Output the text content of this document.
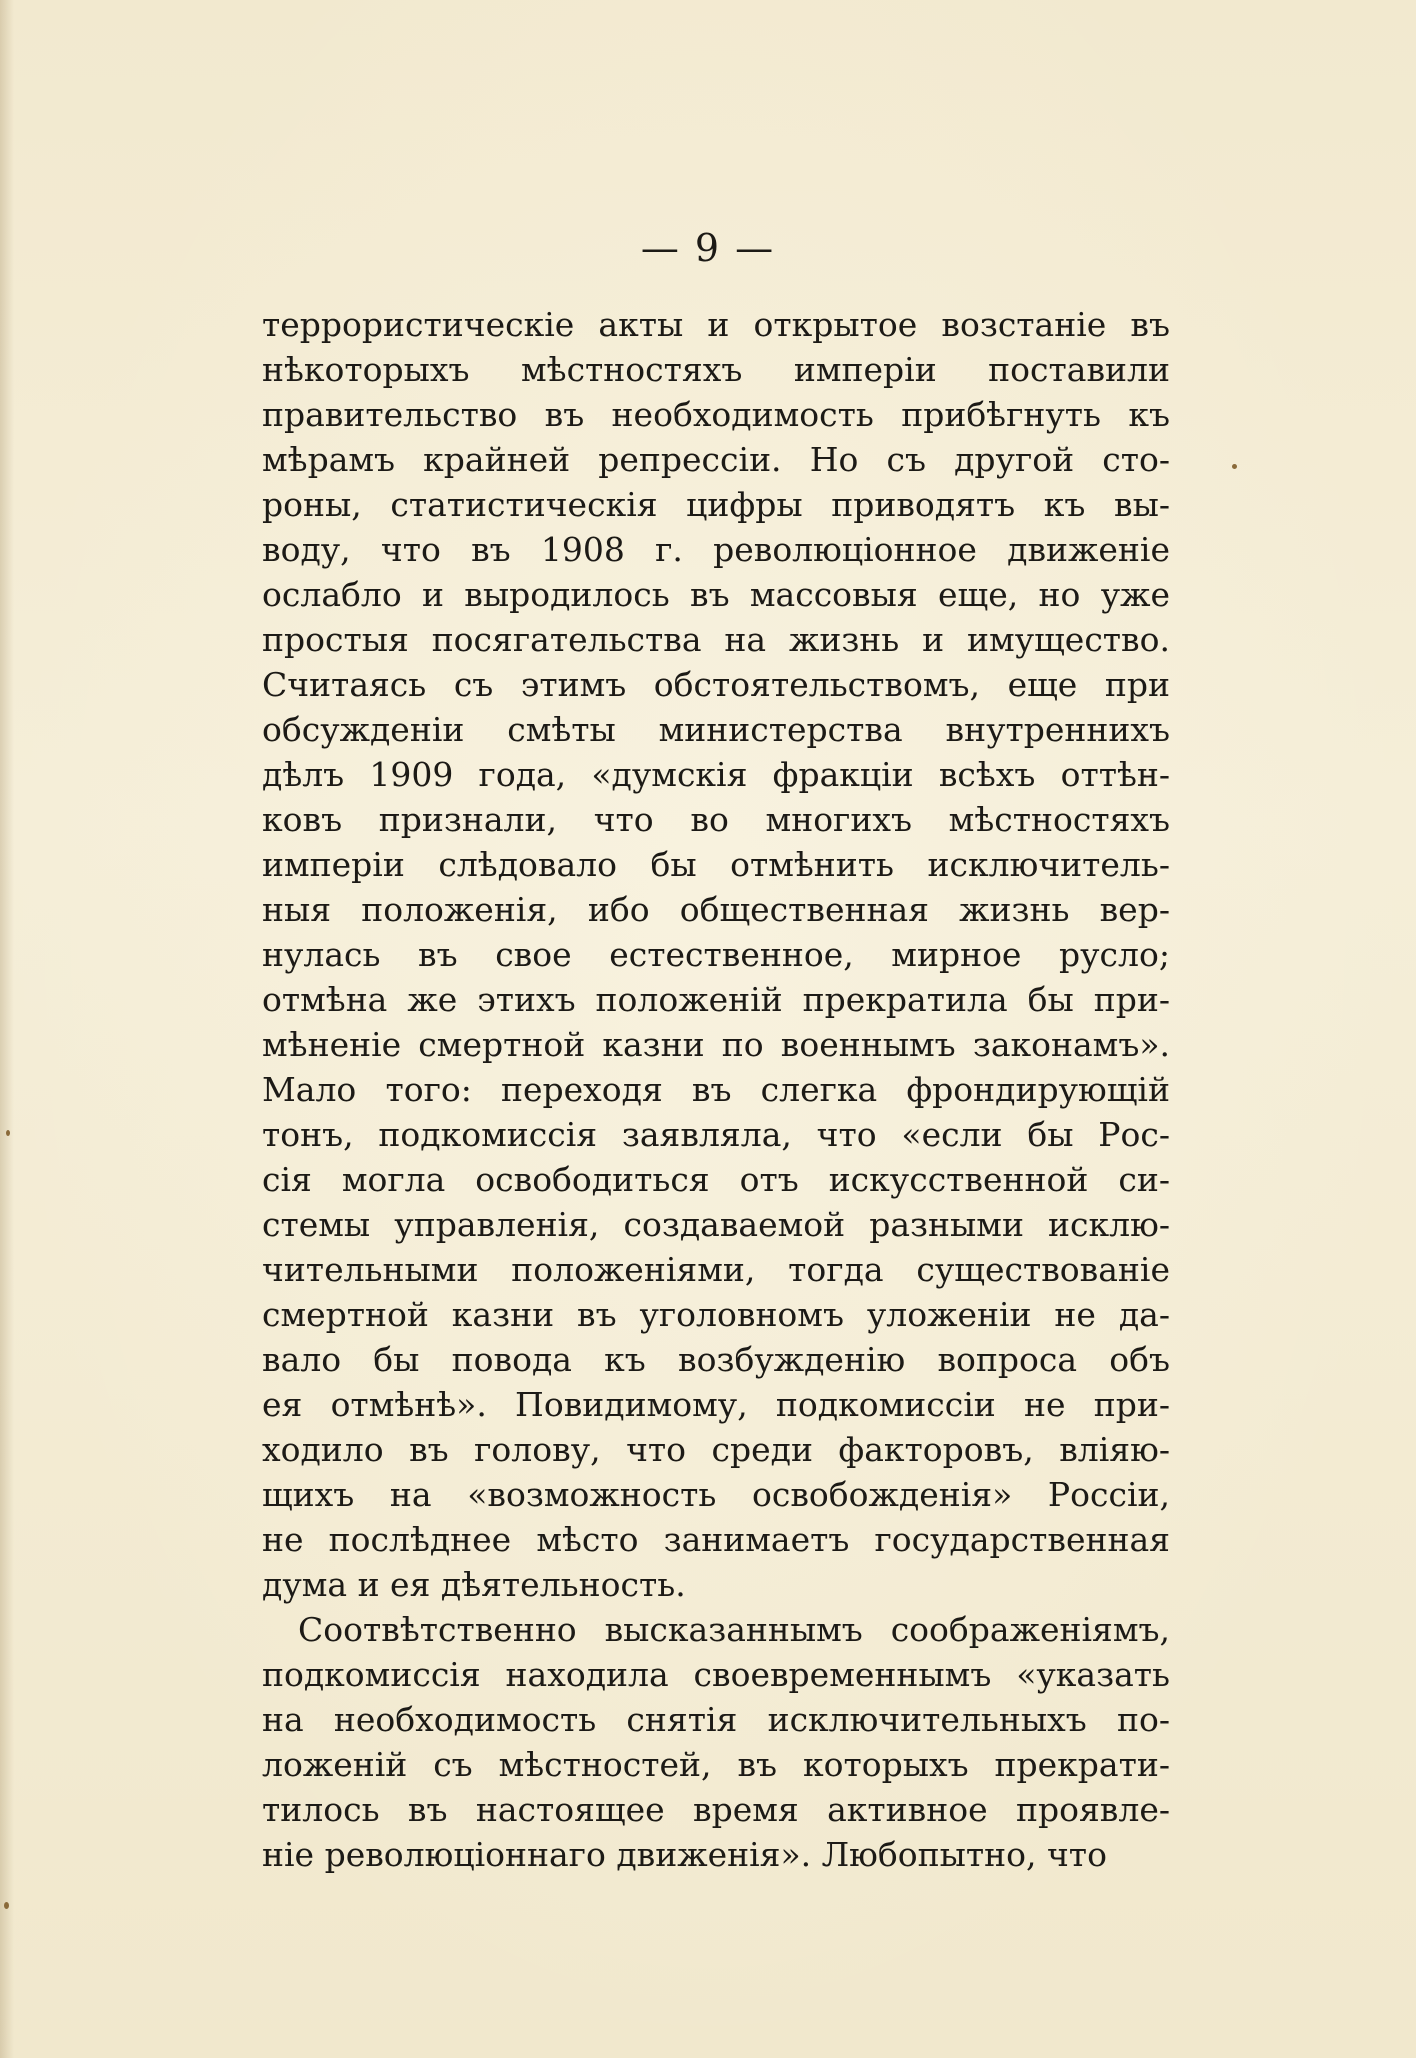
— 9 —
террористическіе акты и открытое возстаніе въ
нѣкоторыхъ мѣстностяхъ имперіи поставили
правительство въ необходимость прибѣгнуть къ
мѣрамъ крайней репрессіи. Но съ другой сто-
роны, статистическія цифры приводятъ къ вы-
воду, что въ 1908 г. революціонное движеніе
ослабло и выродилось въ массовыя еще, но уже
простыя посягательства на жизнь и имущество.
Считаясь съ этимъ обстоятельствомъ, еще при
обсужденіи смѣты министерства внутреннихъ
дѣлъ 1909 года, «думскія фракціи всѣхъ оттѣн-
ковъ признали, что во многихъ мѣстностяхъ
имперіи слѣдовало бы отмѣнить исключитель-
ныя положенія, ибо общественная жизнь вер-
нулась въ свое естественное, мирное русло;
отмѣна же этихъ положеній прекратила бы при-
мѣненіе смертной казни по военнымъ законамъ».
Мало того: переходя въ слегка фрондирующій
тонъ, подкомиссія заявляла, что «если бы Рос-
сія могла освободиться отъ искусственной си-
стемы управленія, создаваемой разными исклю-
чительными положеніями, тогда существованіе
смертной казни въ уголовномъ уложеніи не да-
вало бы повода къ возбужденію вопроса объ
ея отмѣнѣ». Повидимому, подкомиссіи не при-
ходило въ голову, что среди факторовъ, вліяю-
щихъ на «возможность освобожденія» Россіи,
не послѣднее мѣсто занимаетъ государственная
дума и ея дѣятельность.
Соотвѣтственно высказаннымъ соображеніямъ,
подкомиссія находила своевременнымъ «указать
на необходимость снятія исключительныхъ по-
ложеній съ мѣстностей, въ которыхъ прекрати-
тилось въ настоящее время активное проявле-
ніе революціоннаго движенія». Любопытно, что
